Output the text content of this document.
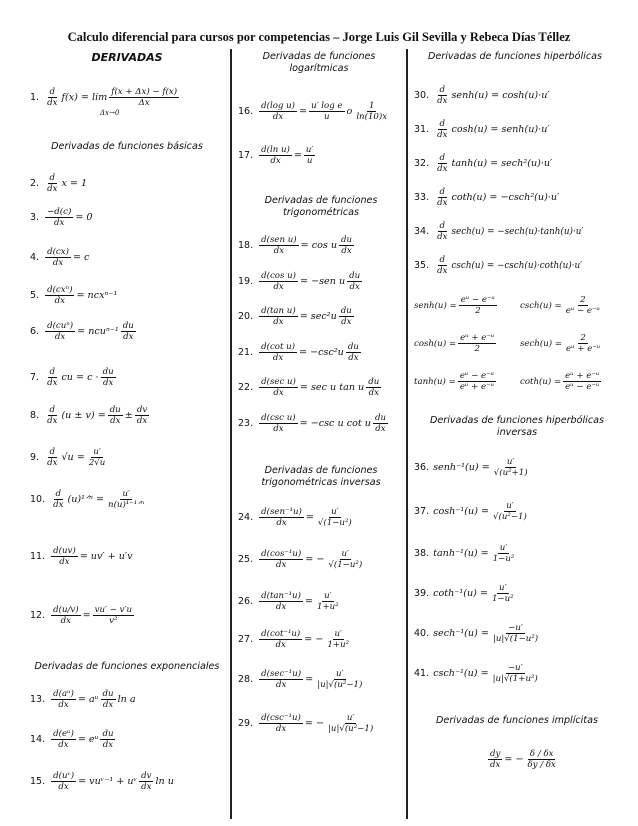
Calculo diferencial para cursos por competencias – Jorge Luis Gil Sevilla y Rebeca Días Téllez
DERIVADAS
1. $\frac{d}{dx} f(x) = \lim \frac{f(x + \Delta x) - f(x)}{\Delta x}$
Δx→0
Derivadas de funciones básicas
2. $\frac{d}{dx}$ x = 1
3. $\frac{-d(c)}{dx} = 0$
4. $\frac{d(cx)}{dx} = c$
5. $\frac{\text{d(cxⁿ)}}{dx} = ncx^{n-1}$
6. $\frac{\text{d(cuⁿ)}}{dx} = ncu^{n-1} \frac{du}{dx}$
7. $\frac{d}{dx}$ cu = $c \cdot \frac{du}{dx}$
8. $\frac{d}{dx} (u \pm v) = \frac{du}{dx} \pm \frac{dv}{dx}$
9. $\frac{d}{dx} √u = \frac{u'}{2√u}$
10. $\frac{d}{dx}$ (u)¹ᐟⁿ = $\frac{u'}{\text{n(u)¹⁻¹ᐟⁿ}}$
11. $\frac{d(uv)}{dx} = uv' + u'v$
12. $\frac{d(u/v)}{dx} = \frac{vu' - v'u}{\text{v²}}$
Derivadas de funciones exponenciales
13. $\frac{\text{d(aᵘ)}}{dx}$ = aᵘ $\frac{du}{dx}$ ln a
14. $\frac{\text{d(eᵘ)}}{dx}$ = eᵘ $\frac{du}{dx}$
15. $\frac{\text{d(uᵛ)}}{dx}$ = vuᵛ⁻¹ + uᵛ $\frac{dv}{dx}$ ln u
Derivadas de funciones logarítmicas
16. $\frac{\text{d(log u)}}{dx} = \frac{\text{u′ log e}}{u}$ o $\frac{1}{\ln(10)x}$
17. $\frac{\text{d(ln u)}}{dx} = \frac{u'}{u}$
Derivadas de funciones trigonométricas
18. $\frac{\text{d(sen u)}}{dx} = \cos u \frac{du}{dx}$
19. $\frac{\text{d(cos u)}}{dx} = -sen$ u $\frac{du}{dx}$
20. $\frac{\text{d(tan u)}}{dx} = \sec^2u \frac{du}{dx}$
21. $\frac{\text{d(cot u)}}{dx} = -\csc^2u \frac{du}{dx}$
22. $\frac{\text{d(sec u)}}{dx} = \sec u$ tan u $\frac{du}{dx}$
23. $\frac{\text{d(csc u)}}{dx} = -\csc$ u cot u $\frac{du}{dx}$
Derivadas de funciones trigonométricas inversas
24. $\frac{\text{d(sen⁻¹u)}}{dx} = \frac{u'}{\text{√(1−u²)}}$
25. $\frac{\text{d(cos⁻¹u)}}{dx}$ = − $\frac{u'}{\text{√(1−u²)}}$
26. $\frac{\text{d(tan⁻¹u)}}{dx} = \frac{u'}{\text{1+u²}}$
27. $\frac{\text{d(cot⁻¹u)}}{dx}$ = − $\frac{u'}{\text{1+u²}}$
28. $\frac{\text{d(sec⁻¹u)}}{dx} = \frac{u'}{\text{|u|√(u²−1)}}$
29. $\frac{\text{d(csc⁻¹u)}}{dx}$ = − $\frac{u'}{\text{|u|√(u²−1)}}$
Derivadas de funciones hiperbólicas
30. $\frac{d}{dx}$ senh(u) = cosh(u)·u′
31. $\frac{d}{dx} \cosh(u)$ = senh(u)·u′
32. $\frac{d}{dx} \tanh(u) = \sec h^2(u)\cdot u'$
33. $\frac{d}{dx} \cot h(u) = -\csc h^2(u)\cdot u'$
34. $\frac{d}{dx} \sec h(u) = -\sec h(u)\cdot\tanh(u)\cdot u'$
35. $\frac{d}{dx} \csc h(u) = -\csc h(u)\cdot\cot h(u)\cdot u'$
senh(u) = $\frac{\text{eᵘ − e⁻ᵘ}}{2}$	$\csc h(u) = \frac{2}{\text{eᵘ − e⁻ᵘ}}$
$\cosh(u) = \frac{\text{eᵘ + e⁻ᵘ}}{2}$	$\sec h(u) = \frac{2}{\text{eᵘ + e⁻ᵘ}}$
$\tanh(u) = \frac{\text{eᵘ − e⁻ᵘ}}{\text{eᵘ + e⁻ᵘ}}$	$\cot h(u) = \frac{\text{eᵘ + e⁻ᵘ}}{\text{eᵘ − e⁻ᵘ}}$
Derivadas de funciones hiperbólicas inversas
36. senh⁻¹(u) = $\frac{u'}{\text{√(u²+1)}}$
37. $\cosh^{-1}(u) = \frac{u'}{\text{√(u²−1)}}$
38. $\tanh^{-1}(u) = \frac{u'}{\text{1−u²}}$
39. $\cot h^{-1}(u) = \frac{u'}{\text{1−u²}}$
40. $\sec h^{-1}(u) = \frac{-u'}{\text{|u|√(1−u²)}}$
41. $\csc h^{-1}(u) = \frac{-u'}{\text{|u|√(1+u²)}}$
Derivadas de funciones implícitas
$\frac{dy}{dx}$ = − $\frac{\delta / \delta x}{\delta y / \delta x}$
